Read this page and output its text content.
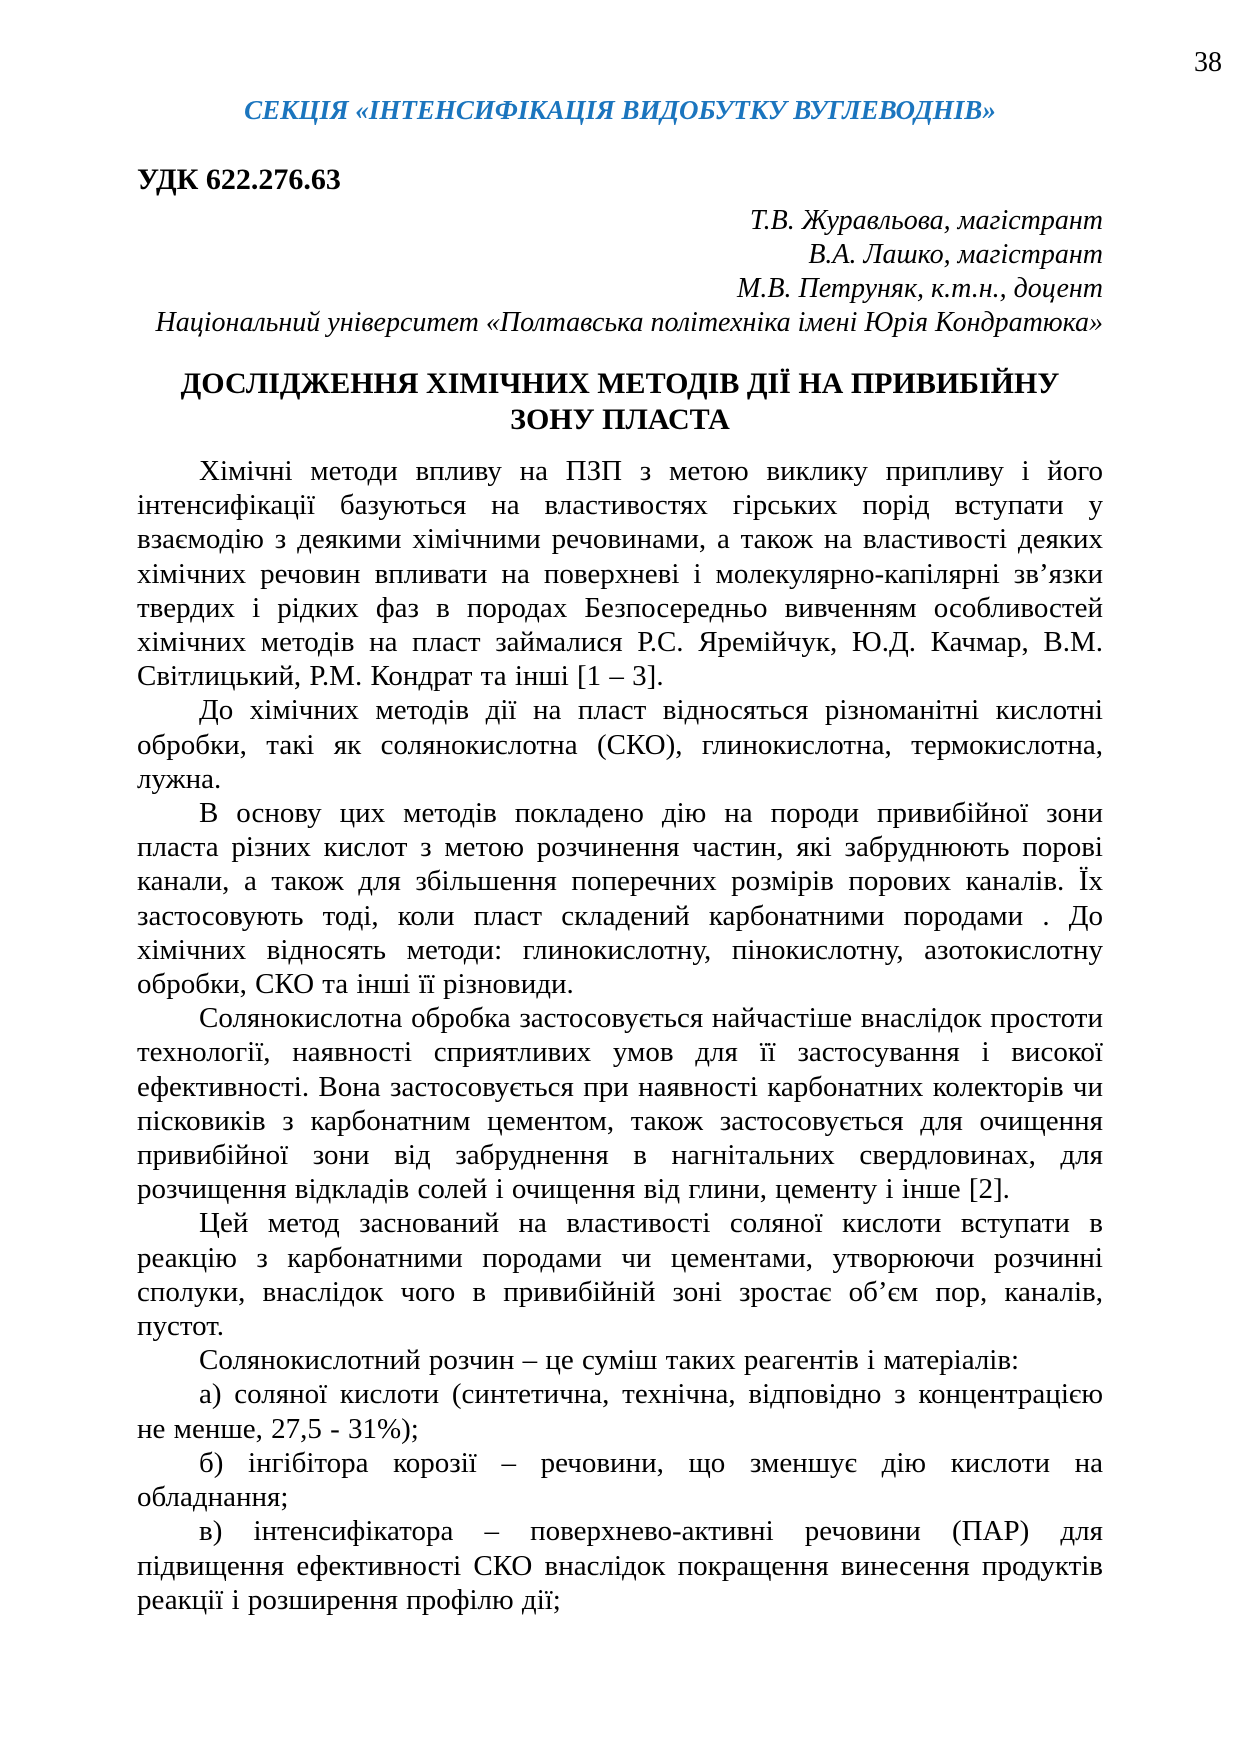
38
СЕКЦІЯ «ІНТЕНСИФІКАЦІЯ ВИДОБУТКУ ВУГЛЕВОДНІВ»
УДК 622.276.63
Т.В. Журавльова, магістрант
В.А. Лашко, магістрант
М.В. Петруняк, к.т.н., доцент
Національний університет «Полтавська політехніка імені Юрія Кондратюка»
ДОСЛІДЖЕННЯ ХІМІЧНИХ МЕТОДІВ ДІЇ НА ПРИВИБІЙНУ
ЗОНУ ПЛАСТА

Хімічні методи впливу на ПЗП з метою виклику припливу і його інтенсифікації базуються на властивостях гірських порід вступати у взаємодію з деякими хімічними речовинами, а також на властивості деяких хімічних речовин впливати на поверхневі і молекулярно-капілярні зв’язки твердих і рідких фаз в породах Безпосередньо вивченням особливостей хімічних методів на пласт займалися Р.С. Яремійчук, Ю.Д. Качмар, В.М. Світлицький, Р.М. Кондрат та інші [1 – 3].

До хімічних методів дії на пласт відносяться різноманітні кислотні обробки, такі як солянокислотна (СКО), глинокислотна, термокислотна, лужна.

В основу цих методів покладено дію на породи привибійної зони пласта різних кислот з метою розчинення частин, які забруднюють порові канали, а також для збільшення поперечних розмірів порових каналів. Їх застосовують тоді, коли пласт складений карбонатними породами . До хімічних відносять методи: глинокислотну, пінокислотну, азотокислотну обробки, СКО та інші її різновиди.

Солянокислотна обробка застосовується найчастіше внаслідок простоти технології, наявності сприятливих умов для її застосування і високої ефективності. Вона застосовується при наявності карбонатних колекторів чи пісковиків з карбонатним цементом, також застосовується для очищення привибійної зони від забруднення в нагнітальних свердловинах, для розчищення відкладів солей і очищення від глини, цементу і інше [2].

Цей метод заснований на властивості соляної кислоти вступати в реакцію з карбонатними породами чи цементами, утворюючи розчинні сполуки, внаслідок чого в привибійній зоні зростає об’єм пор, каналів, пустот.

Солянокислотний розчин – це суміш таких реагентів і матеріалів:

а) соляної кислоти (синтетична, технічна, відповідно з концентрацією не менше, 27,5 - 31%);

б) інгібітора корозії – речовини, що зменшує дію кислоти на обладнання;

в) інтенсифікатора – поверхнево-активні речовини (ПАР) для підвищення ефективності СКО внаслідок покращення винесення продуктів реакції і розширення профілю дії;
